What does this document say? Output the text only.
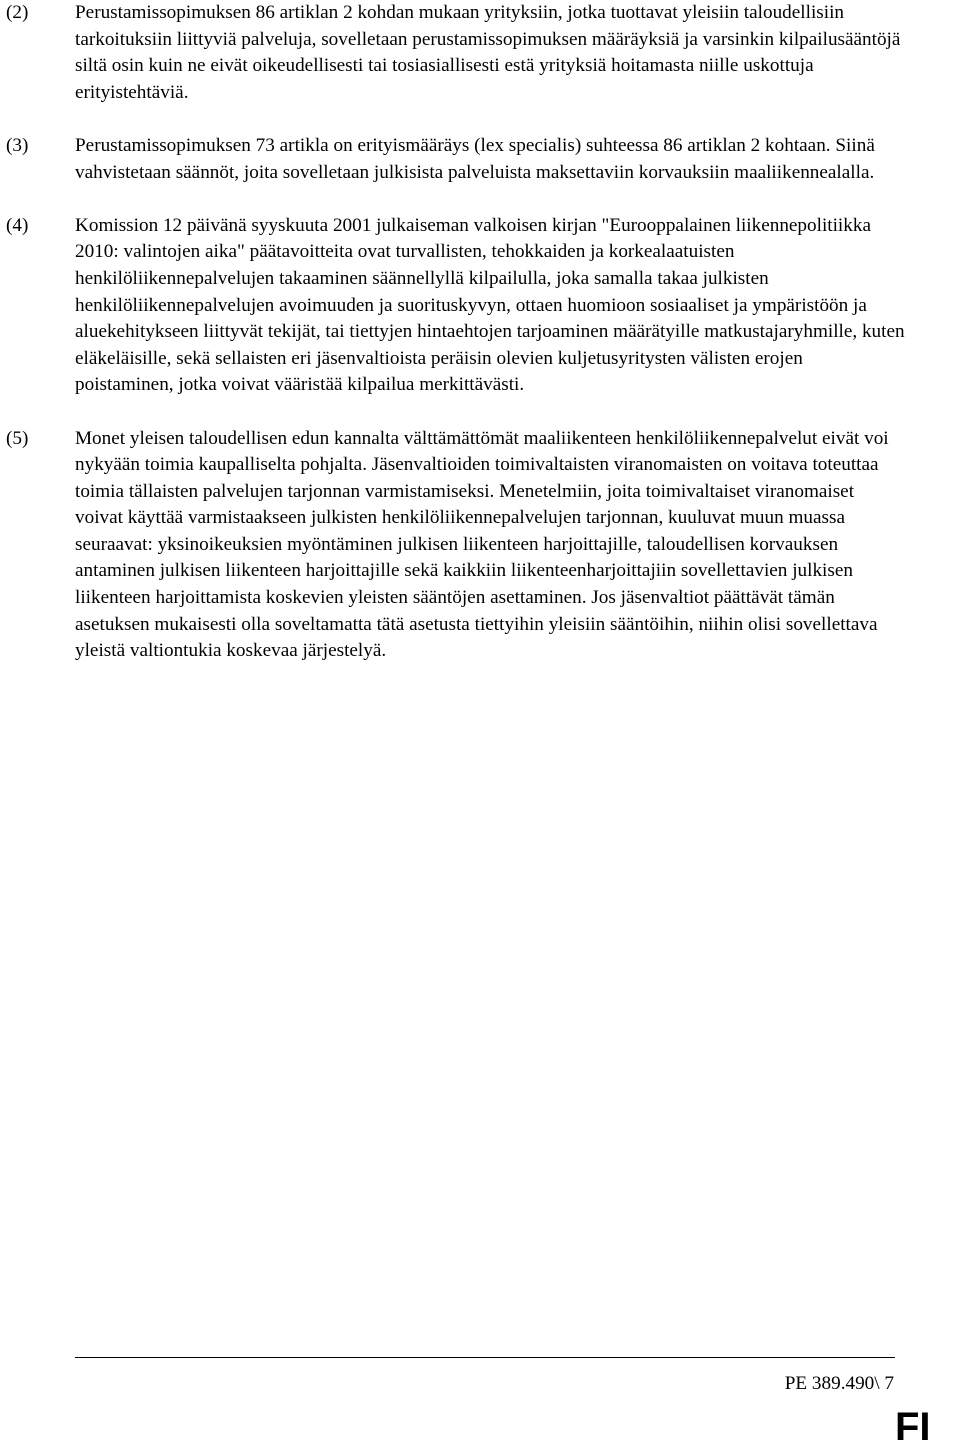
(2) Perustamissopimuksen 86 artiklan 2 kohdan mukaan yrityksiin, jotka tuottavat yleisiin taloudellisiin tarkoituksiin liittyviä palveluja, sovelletaan perustamissopimuksen määräyksiä ja varsinkin kilpailusääntöjä siltä osin kuin ne eivät oikeudellisesti tai tosiasiallisesti estä yrityksiä hoitamasta niille uskottuja erityistehtäviä.
(3) Perustamissopimuksen 73 artikla on erityismääräys (lex specialis) suhteessa 86 artiklan 2 kohtaan. Siinä vahvistetaan säännöt, joita sovelletaan julkisista palveluista maksettaviin korvauksiin maaliikennealalla.
(4) Komission 12 päivänä syyskuuta 2001 julkaiseman valkoisen kirjan "Eurooppalainen liikennepolitiikka 2010: valintojen aika" päätavoitteita ovat turvallisten, tehokkaiden ja korkealaatuisten henkilöliikennepalvelujen takaaminen säännellyllä kilpailulla, joka samalla takaa julkisten henkilöliikennepalvelujen avoimuuden ja suorituskyvyn, ottaen huomioon sosiaaliset ja ympäristöön ja aluekehitykseen liittyvät tekijät, tai tiettyjen hintaehtojen tarjoaminen määrätyille matkustajaryhmille, kuten eläkeläisille, sekä sellaisten eri jäsenvaltioista peräisin olevien kuljetusyritysten välisten erojen poistaminen, jotka voivat vääristää kilpailua merkittävästi.
(5) Monet yleisen taloudellisen edun kannalta välttämättömät maaliikenteen henkilöliikennepalvelut eivät voi nykyään toimia kaupalliselta pohjalta. Jäsenvaltioiden toimivaltaisten viranomaisten on voitava toteuttaa toimia tällaisten palvelujen tarjonnan varmistamiseksi. Menetelmiin, joita toimivaltaiset viranomaiset voivat käyttää varmistaakseen julkisten henkilöliikennepalvelujen tarjonnan, kuuluvat muun muassa seuraavat: yksinoikeuksien myöntäminen julkisen liikenteen harjoittajille, taloudellisen korvauksen antaminen julkisen liikenteen harjoittajille sekä kaikkiin liikenteenharjoittajiin sovellettavien julkisen liikenteen harjoittamista koskevien yleisten sääntöjen asettaminen. Jos jäsenvaltiot päättävät tämän asetuksen mukaisesti olla soveltamatta tätä asetusta tiettyihin yleisiin sääntöihin, niihin olisi sovellettava yleistä valtiontukia koskevaa järjestelyä.
PE 389.490\ 7
FI
